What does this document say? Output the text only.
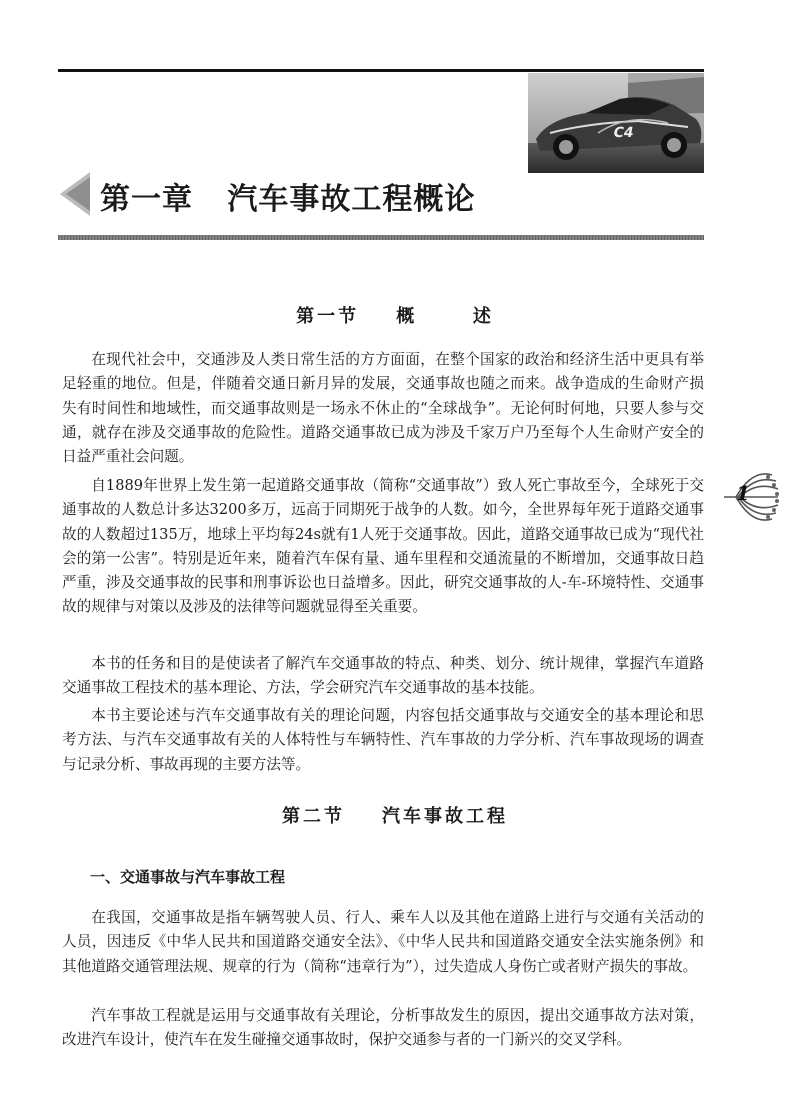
C4
第一章   汽车事故工程概论
第一节    概      述

在现代社会中，交通涉及人类日常生活的方方面面，在整个国家的政治和经济生活中更具有举足轻重的地位。但是，伴随着交通日新月异的发展，交通事故也随之而来。战争造成的生命财产损失有时间性和地域性，而交通事故则是一场永不休止的“全球战争”。无论何时何地，只要人参与交通，就存在涉及交通事故的危险性。道路交通事故已成为涉及千家万户乃至每个人生命财产安全的日益严重社会问题。

自1889年世界上发生第一起道路交通事故（简称“交通事故”）致人死亡事故至今，全球死于交通事故的人数总计多达3200多万，远高于同期死于战争的人数。如今，全世界每年死于道路交通事故的人数超过135万，地球上平均每24s就有1人死于交通事故。因此，道路交通事故已成为“现代社会的第一公害”。特别是近年来，随着汽车保有量、通车里程和交通流量的不断增加，交通事故日趋严重，涉及交通事故的民事和刑事诉讼也日益增多。因此，研究交通事故的人-车-环境特性、交通事故的规律与对策以及涉及的法律等问题就显得至关重要。

本书的任务和目的是使读者了解汽车交通事故的特点、种类、划分、统计规律，掌握汽车道路交通事故工程技术的基本理论、方法，学会研究汽车交通事故的基本技能。

本书主要论述与汽车交通事故有关的理论问题，内容包括交通事故与交通安全的基本理论和思考方法、与汽车交通事故有关的人体特性与车辆特性、汽车事故的力学分析、汽车事故现场的调查与记录分析、事故再现的主要方法等。

第二节    汽车事故工程
一、交通事故与汽车事故工程

在我国，交通事故是指车辆驾驶人员、行人、乘车人以及其他在道路上进行与交通有关活动的人员，因违反《中华人民共和国道路交通安全法》、《中华人民共和国道路交通安全法实施条例》和其他道路交通管理法规、规章的行为（简称“违章行为”），过失造成人身伤亡或者财产损失的事故。

汽车事故工程就是运用与交通事故有关理论，分析事故发生的原因，提出交通事故方法对策，改进汽车设计，使汽车在发生碰撞交通事故时，保护交通参与者的一门新兴的交叉学科。

1
